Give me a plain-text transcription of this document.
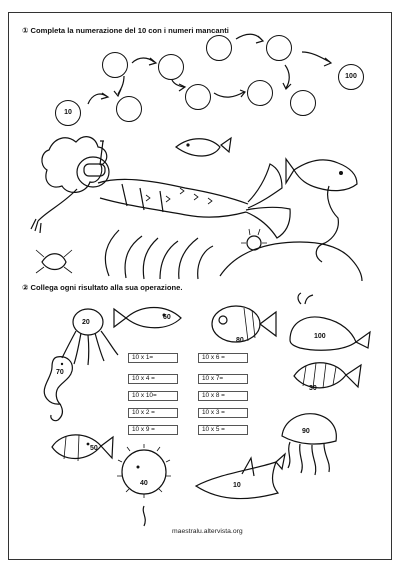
① Completa la numerazione del 10 con i numeri mancanti
10
100
② Collega ogni risultato alla sua operazione.
20
60
80
100
70
30
90
50
40	10
10 x 1=
10 x 4 =
10 x 10=
10 x 2 =
10 x 9 =
10 x 6 =
10 x 7=
10 x 8 =
10 x 3 =
10 x 5 =
maestralu.altervista.org
